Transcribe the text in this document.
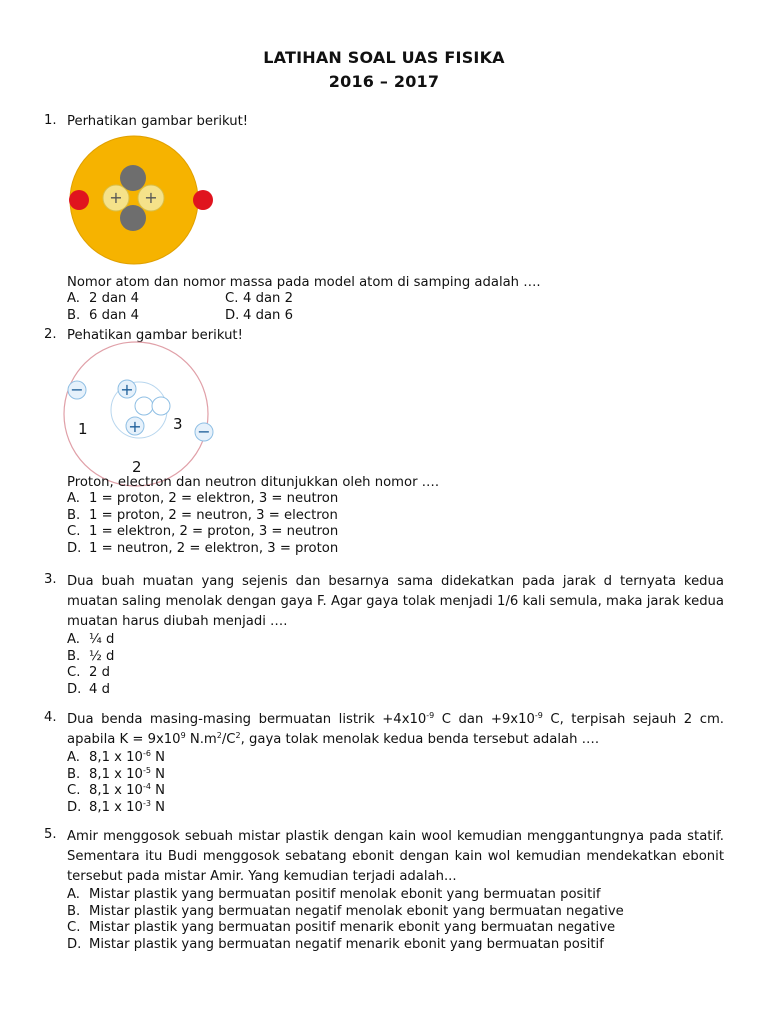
LATIHAN SOAL UAS FISIKA
2016 – 2017
1. Perhatikan gambar berikut!
+ +
Nomor atom dan nomor massa pada model atom di samping adalah ….
A. 2 dan 4	C. 4 dan 2
B. 6 dan 4	D. 4 dan 6
2. Pehatikan gambar berikut!
+
+
−
−
1	3
2
Proton, electron dan neutron ditunjukkan oleh nomor ….
A. 1 = proton, 2 = elektron, 3 = neutron
B. 1 = proton, 2 = neutron, 3 = electron
C. 1 = elektron, 2 = proton, 3 = neutron
D. 1 = neutron, 2 = elektron, 3 = proton
3. Dua buah muatan yang sejenis dan besarnya sama didekatkan pada jarak d ternyata kedua muatan saling menolak dengan gaya F. Agar gaya tolak menjadi 1/6 kali semula, maka jarak kedua muatan harus diubah menjadi ….
A. ¼ d
B. ½ d
C. 2 d
D. 4 d
4. Dua benda masing-masing bermuatan listrik $+4x10^{-9}$ C dan $+9x10^{-9}$ C, terpisah sejauh 2 cm. apabila $K = 9x10^9$ $N.m^2/C^2$, gaya tolak menolak kedua benda tersebut adalah ….
A. 8,1 x $10^{-6}$ N
B. 8,1 x $10^{-5}$ N
C. 8,1 x $10^{-4}$ N
D. 8,1 x $10^{-3}$ N
5. Amir menggosok sebuah mistar plastik dengan kain wool kemudian menggantungnya pada statif. Sementara itu Budi menggosok sebatang ebonit dengan kain wol kemudian mendekatkan ebonit tersebut pada mistar Amir. Yang kemudian terjadi adalah...
A. Mistar plastik yang bermuatan positif menolak ebonit yang bermuatan positif
B. Mistar plastik yang bermuatan negatif menolak ebonit yang bermuatan negative
C. Mistar plastik yang bermuatan positif menarik ebonit yang bermuatan negative
D. Mistar plastik yang bermuatan negatif menarik ebonit yang bermuatan positif
